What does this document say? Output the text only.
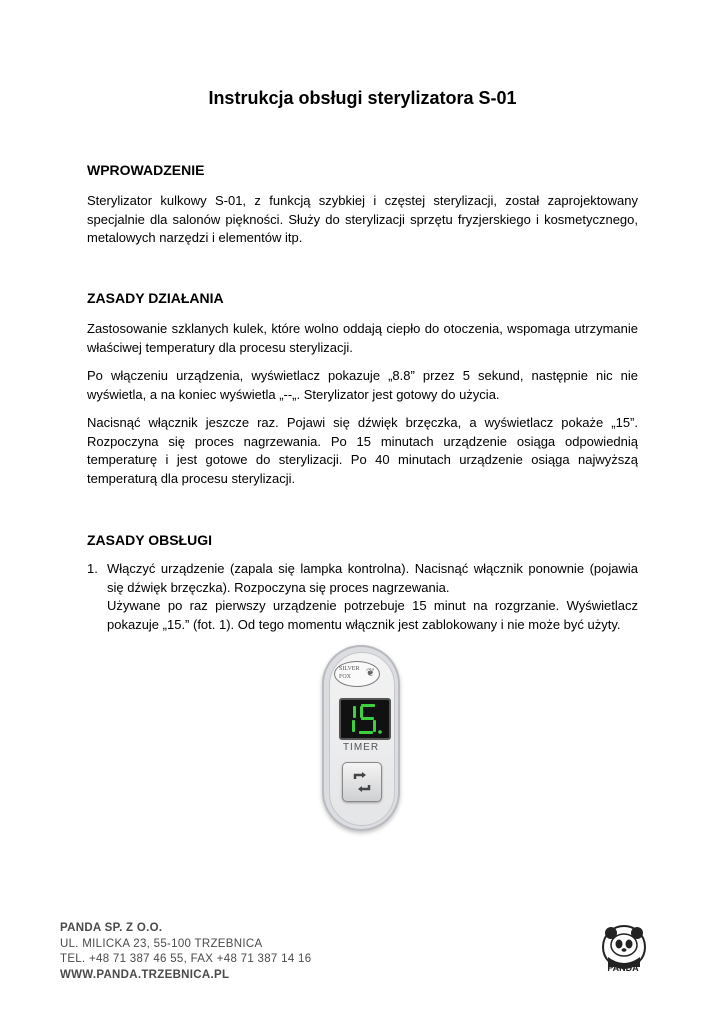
Instrukcja obsługi sterylizatora S-01
WPROWADZENIE

Sterylizator kulkowy S-01, z funkcją szybkiej i częstej sterylizacji, został zaprojektowany specjalnie dla salonów piękności. Służy do sterylizacji sprzętu fryzjerskiego i kosmetycznego, metalowych narzędzi i elementów itp.

ZASADY DZIAŁANIA

Zastosowanie szklanych kulek, które wolno oddają ciepło do otoczenia, wspomaga utrzymanie właściwej temperatury dla procesu sterylizacji.

Po włączeniu urządzenia, wyświetlacz pokazuje „8.8” przez 5 sekund, następnie nic nie wyświetla, a na koniec wyświetla „--„. Sterylizator jest gotowy do użycia.

Nacisnąć włącznik jeszcze raz. Pojawi się dźwięk brzęczka, a wyświetlacz pokaże „15”. Rozpoczyna się proces nagrzewania. Po 15 minutach urządzenie osiąga odpowiednią temperaturę i jest gotowe do sterylizacji. Po 40 minutach urządzenie osiąga najwyższą temperaturą dla procesu sterylizacji.

ZASADY OBSŁUGI
1. Włączyć urządzenie (zapala się lampka kontrolna). Nacisnąć włącznik ponownie (pojawia się dźwięk brzęczka). Rozpoczyna się proces nagrzewania.
Używane po raz pierwszy urządzenie potrzebuje 15 minut na rozgrzanie. Wyświetlacz pokazuje „15.” (fot. 1). Od tego momentu włącznik jest zablokowany i nie może być użyty.
SILVER
FOX ❦
TIMER
PANDA SP. Z O.O.
UL. MILICKA 23, 55-100 TRZEBNICA
TEL. +48 71 387 46 55, FAX +48 71 387 14 16
WWW.PANDA.TRZEBNICA.PL
PANDA
